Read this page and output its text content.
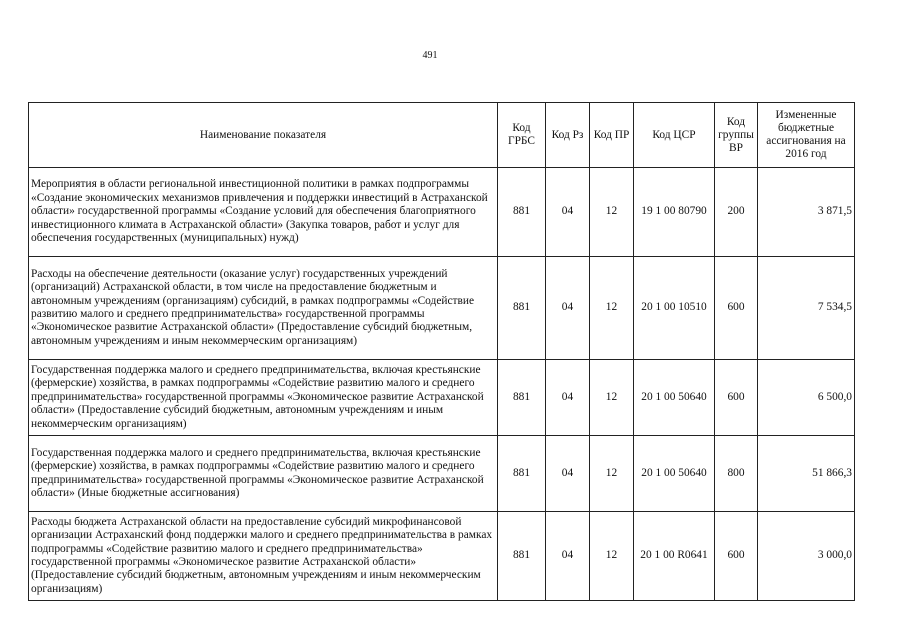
491
Наименование показателя	Код ГРБС	Код Рз	Код ПР	Код ЦСР	Код группы ВР	Измененные бюджетные ассигнования на 2016 год
Мероприятия в области региональной инвестиционной политики в рамках подпрограммы «Создание экономических механизмов привлечения и поддержки инвестиций в Астраханской области» государственной программы «Создание условий для обеспечения благоприятного инвестиционного климата в Астраханской области» (Закупка товаров, работ и услуг для обеспечения государственных (муниципальных) нужд)	881	04	12	19 1 00 80790	200	3 871,5
Расходы на обеспечение деятельности (оказание услуг) государственных учреждений (организаций) Астраханской области, в том числе на предоставление бюджетным и автономным учреждениям (организациям) субсидий, в рамках подпрограммы «Содействие развитию малого и среднего предпринимательства» государственной программы «Экономическое развитие Астраханской области» (Предоставление субсидий бюджетным, автономным учреждениям и иным некоммерческим организациям)	881	04	12	20 1 00 10510	600	7 534,5
Государственная поддержка малого и среднего предпринимательства, включая крестьянские (фермерские) хозяйства, в рамках подпрограммы «Содействие развитию малого и среднего предпринимательства» государственной программы «Экономическое развитие Астраханской области» (Предоставление субсидий бюджетным, автономным учреждениям и иным некоммерческим организациям)	881	04	12	20 1 00 50640	600	6 500,0
Государственная поддержка малого и среднего предпринимательства, включая крестьянские (фермерские) хозяйства, в рамках подпрограммы «Содействие развитию малого и среднего предпринимательства» государственной программы «Экономическое развитие Астраханской области» (Иные бюджетные ассигнования)	881	04	12	20 1 00 50640	800	51 866,3
Расходы бюджета Астраханской области на предоставление субсидий микрофинансовой организации Астраханский фонд поддержки малого и среднего предпринимательства в рамках подпрограммы «Содействие развитию малого и среднего предпринимательства» государственной программы «Экономическое развитие Астраханской области» (Предоставление субсидий бюджетным, автономным учреждениям и иным некоммерческим организациям)	881	04	12	20 1 00 R0641	600	3 000,0
